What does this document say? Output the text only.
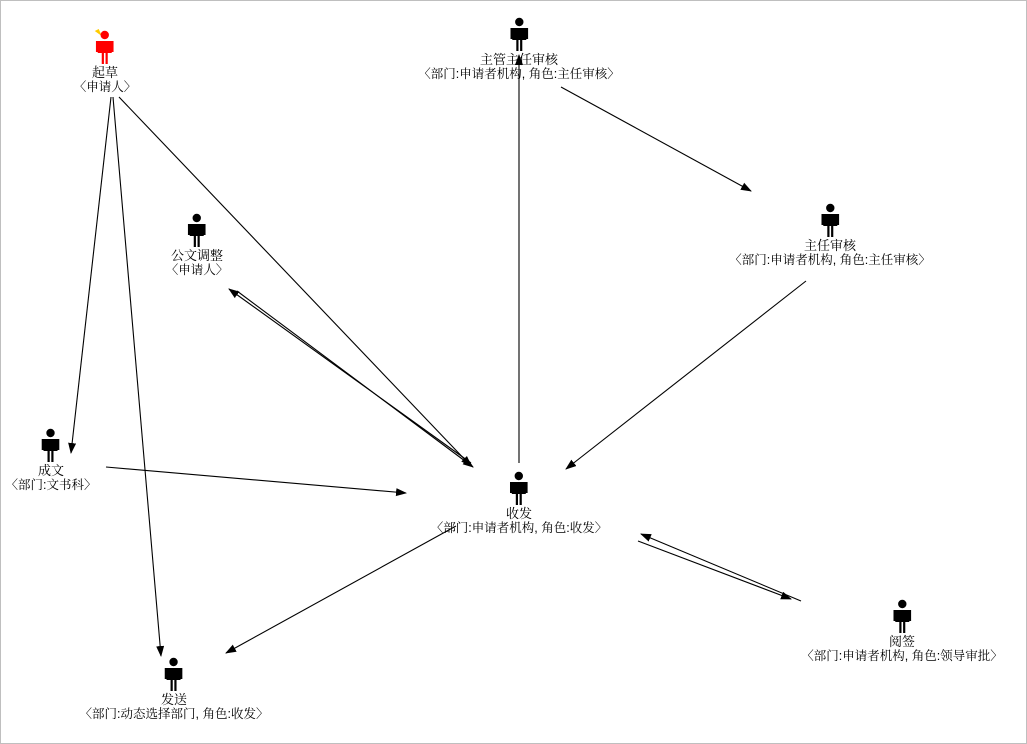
起草
〈申请人〉
主管主任审核
〈部门:申请者机构, 角色:主任审核〉
主任审核
〈部门:申请者机构, 角色:主任审核〉
公文调整
〈申请人〉
成文
〈部门:文书科〉
收发
〈部门:申请者机构, 角色:收发〉
阅签
〈部门:申请者机构, 角色:领导审批〉
发送
〈部门:动态选择部门, 角色:收发〉
